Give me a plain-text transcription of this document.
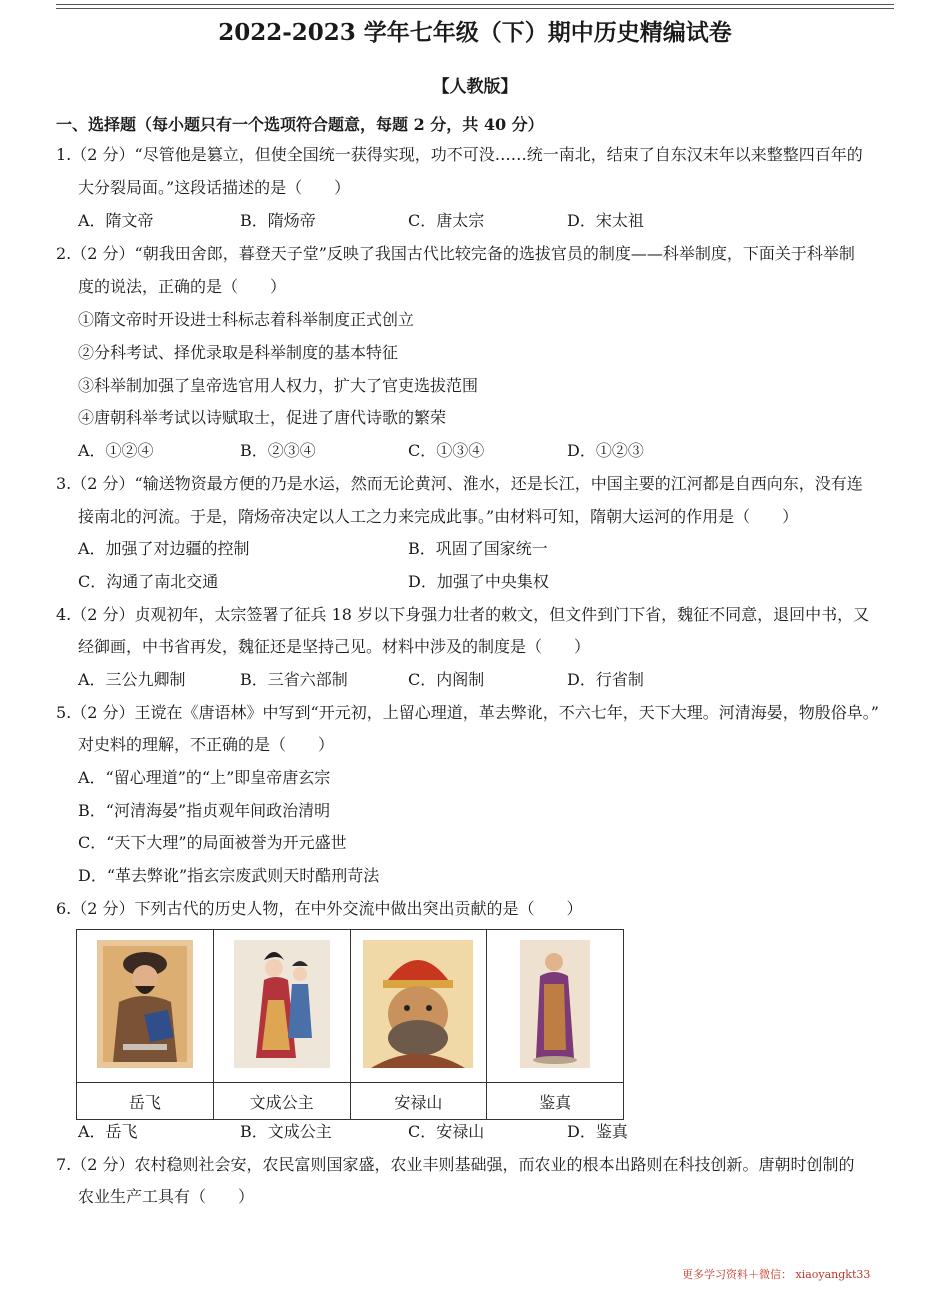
2022-2023 学年七年级（下）期中历史精编试卷
【人教版】
一、选择题（每小题只有一个选项符合题意，每题 2 分，共 40 分）
1.（2 分）“尽管他是篡立，但使全国统一获得实现，功不可没……统一南北，结束了自东汉末年以来整整四百年的
大分裂局面。”这段话描述的是（　　）
A．隋文帝	B．隋炀帝	C．唐太宗	D．宋太祖
2.（2 分）“朝我田舍郎，暮登天子堂”反映了我国古代比较完备的选拔官员的制度——科举制度，下面关于科举制
度的说法，正确的是（　　）
①隋文帝时开设进士科标志着科举制度正式创立
②分科考试、择优录取是科举制度的基本特征
③科举制加强了皇帝选官用人权力，扩大了官吏选拔范围
④唐朝科举考试以诗赋取士，促进了唐代诗歌的繁荣
A．①②④	B．②③④	C．①③④	D．①②③
3.（2 分）“输送物资最方便的乃是水运，然而无论黄河、淮水，还是长江，中国主要的江河都是自西向东，没有连
接南北的河流。于是，隋炀帝决定以人工之力来完成此事。”由材料可知，隋朝大运河的作用是（　　）
A．加强了对边疆的控制	B．巩固了国家统一
C．沟通了南北交通	D．加强了中央集权
4.（2 分）贞观初年，太宗签署了征兵 18 岁以下身强力壮者的敕文，但文件到门下省，魏征不同意，退回中书，又
经御画，中书省再发，魏征还是坚持己见。材料中涉及的制度是（　　）
A．三公九卿制	B．三省六部制	C．内阁制	D．行省制
5.（2 分）王谠在《唐语林》中写到“开元初，上留心理道，革去弊讹，不六七年，天下大理。河清海晏，物殷俗阜。”
对史料的理解，不正确的是（　　）
A．“留心理道”的“上”即皇帝唐玄宗
B．“河清海晏”指贞观年间政治清明
C．“天下大理”的局面被誉为开元盛世
D．“革去弊讹”指玄宗废武则天时酷刑苛法
6.（2 分）下列古代的历史人物，在中外交流中做出突出贡献的是（　　）

岳飞	文成公主	安禄山	鉴真
A．岳飞	B．文成公主	C．安禄山	D．鉴真
7.（2 分）农村稳则社会安，农民富则国家盛，农业丰则基础强，而农业的根本出路则在科技创新。唐朝时创制的
农业生产工具有（　　）
更多学习资料＋微信： xiaoyangkt33
